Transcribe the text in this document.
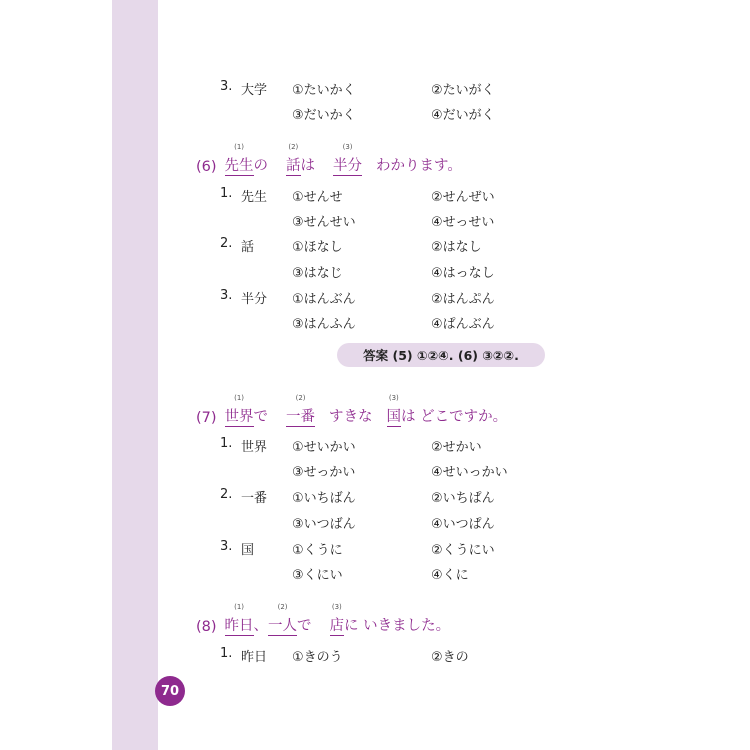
3. 大学 ①たいかく	②たいがく
③だいかく	④だいがく
(6)
(1)
先生 の
(2)
話 は
(3)
半分 わかります。
1. 先生 ①せんせ	②せんぜい
③せんせい	④せっせい
2. 話	①ほなし	②はなし
③はなじ	④はっなし
3. 半分 ①はんぶん	②はんぷん
③はんふん	④ぱんぶん
答案 (5) ①②④. (6) ③②②.
(7)
(1)
世界 で
(2)
一番 すきな
(3)
国 は どこですか。
1. 世界 ①せいかい	②せかい
③せっかい	④せいっかい
2. 一番 ①いちばん	②いちぱん
③いつばん	④いつぱん
3. 国	①くうに	②くうにい
③くにい	④くに
(8)
(1)
昨日 、
(2)
一人 で
(3)
店 に いきました。
1. 昨日 ①きのう	②きの
70
